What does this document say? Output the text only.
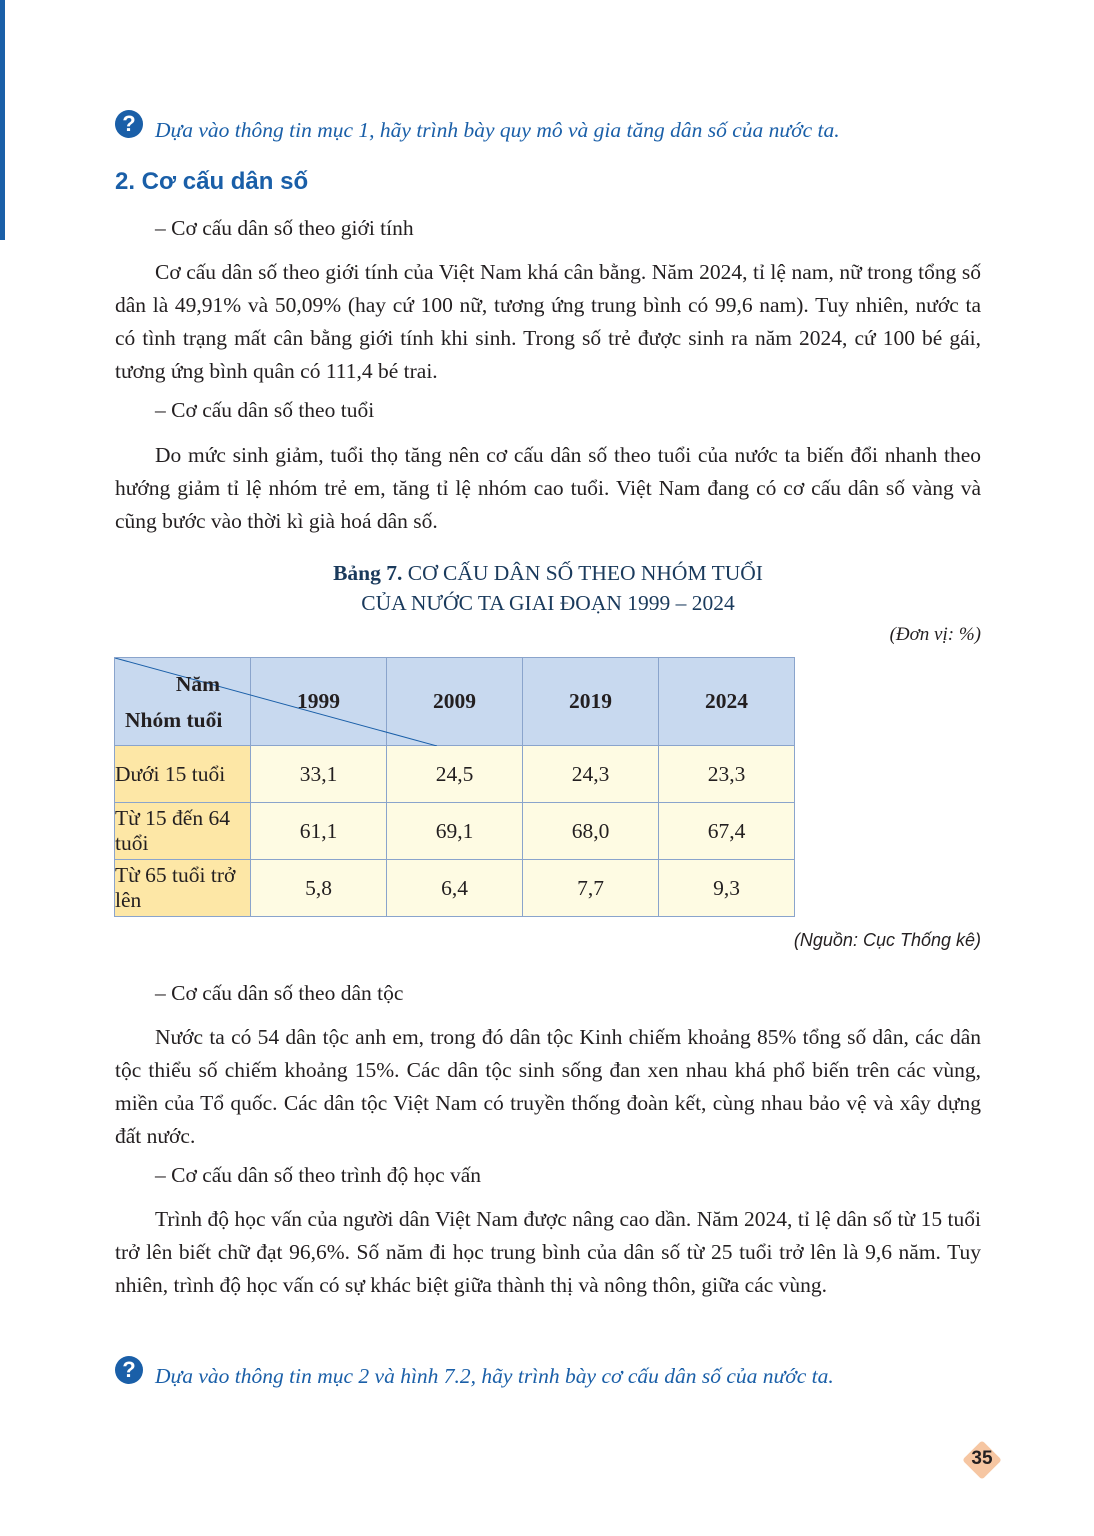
? Dựa vào thông tin mục 1, hãy trình bày quy mô và gia tăng dân số của nước ta.
2. Cơ cấu dân số
– Cơ cấu dân số theo giới tính
Cơ cấu dân số theo giới tính của Việt Nam khá cân bằng. Năm 2024, tỉ lệ nam, nữ trong tổng số dân là 49,91% và 50,09% (hay cứ 100 nữ, tương ứng trung bình có 99,6 nam). Tuy nhiên, nước ta có tình trạng mất cân bằng giới tính khi sinh. Trong số trẻ được sinh ra năm 2024, cứ 100 bé gái, tương ứng bình quân có 111,4 bé trai.
– Cơ cấu dân số theo tuổi
Do mức sinh giảm, tuổi thọ tăng nên cơ cấu dân số theo tuổi của nước ta biến đổi nhanh theo hướng giảm tỉ lệ nhóm trẻ em, tăng tỉ lệ nhóm cao tuổi. Việt Nam đang có cơ cấu dân số vàng và cũng bước vào thời kì già hoá dân số.
Bảng 7. CƠ CẤU DÂN SỐ THEO NHÓM TUỔI
CỦA NƯỚC TA GIAI ĐOẠN 1999 – 2024
(Đơn vị: %)
Năm
Nhóm tuổi	1999	2009	2019	2024
Dưới 15 tuổi	33,1	24,5	24,3	23,3
Từ 15 đến 64 tuổi	61,1	69,1	68,0	67,4
Từ 65 tuổi trở lên	5,8	6,4	7,7	9,3
(Nguồn: Cục Thống kê)
– Cơ cấu dân số theo dân tộc
Nước ta có 54 dân tộc anh em, trong đó dân tộc Kinh chiếm khoảng 85% tổng số dân, các dân tộc thiểu số chiếm khoảng 15%. Các dân tộc sinh sống đan xen nhau khá phổ biến trên các vùng, miền của Tổ quốc. Các dân tộc Việt Nam có truyền thống đoàn kết, cùng nhau bảo vệ và xây dựng đất nước.
– Cơ cấu dân số theo trình độ học vấn
Trình độ học vấn của người dân Việt Nam được nâng cao dần. Năm 2024, tỉ lệ dân số từ 15 tuổi trở lên biết chữ đạt 96,6%. Số năm đi học trung bình của dân số từ 25 tuổi trở lên là 9,6 năm. Tuy nhiên, trình độ học vấn có sự khác biệt giữa thành thị và nông thôn, giữa các vùng.
? Dựa vào thông tin mục 2 và hình 7.2, hãy trình bày cơ cấu dân số của nước ta.
35
